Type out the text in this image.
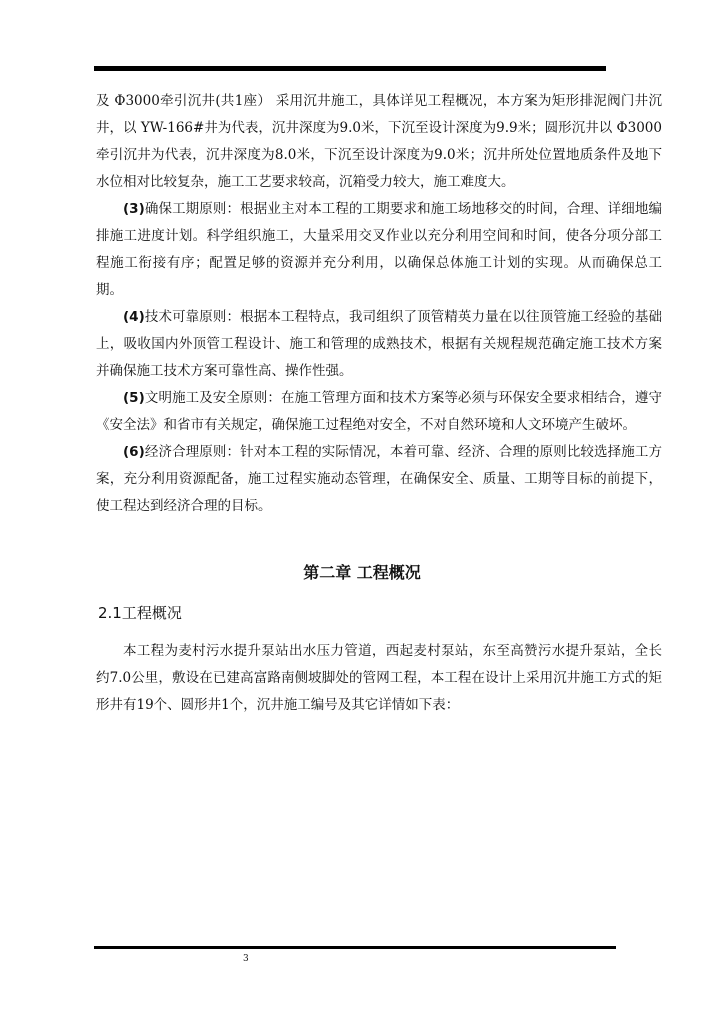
及 Φ3000牵引沉井(共1座） 采用沉井施工，具体详见工程概况，本方案为矩形排泥阀门井沉井，以 YW-166#井为代表，沉井深度为9.0米，下沉至设计深度为9.9米；圆形沉井以 Φ3000牵引沉井为代表，沉井深度为8.0米，下沉至设计深度为9.0米；沉井所处位置地质条件及地下水位相对比较复杂，施工工艺要求较高，沉箱受力较大，施工难度大。

(3)确保工期原则：根据业主对本工程的工期要求和施工场地移交的时间，合理、详细地编排施工进度计划。科学组织施工，大量采用交叉作业以充分利用空间和时间，使各分项分部工程施工衔接有序；配置足够的资源并充分利用，以确保总体施工计划的实现。从而确保总工期。

(4)技术可靠原则：根据本工程特点，我司组织了顶管精英力量在以往顶管施工经验的基础上，吸收国内外顶管工程设计、施工和管理的成熟技术，根据有关规程规范确定施工技术方案并确保施工技术方案可靠性高、操作性强。

(5)文明施工及安全原则：在施工管理方面和技术方案等必须与环保安全要求相结合，遵守《安全法》和省市有关规定，确保施工过程绝对安全，不对自然环境和人文环境产生破坏。

(6)经济合理原则：针对本工程的实际情况，本着可靠、经济、合理的原则比较选择施工方案，充分利用资源配备，施工过程实施动态管理，在确保安全、质量、工期等目标的前提下，使工程达到经济合理的目标。

第二章 工程概况
2.1工程概况

本工程为麦村污水提升泵站出水压力管道，西起麦村泵站，东至高赞污水提升泵站，全长约7.0公里，敷设在已建高富路南侧坡脚处的管网工程，本工程在设计上采用沉井施工方式的矩形井有19个、圆形井1个，沉井施工编号及其它详情如下表：

3
